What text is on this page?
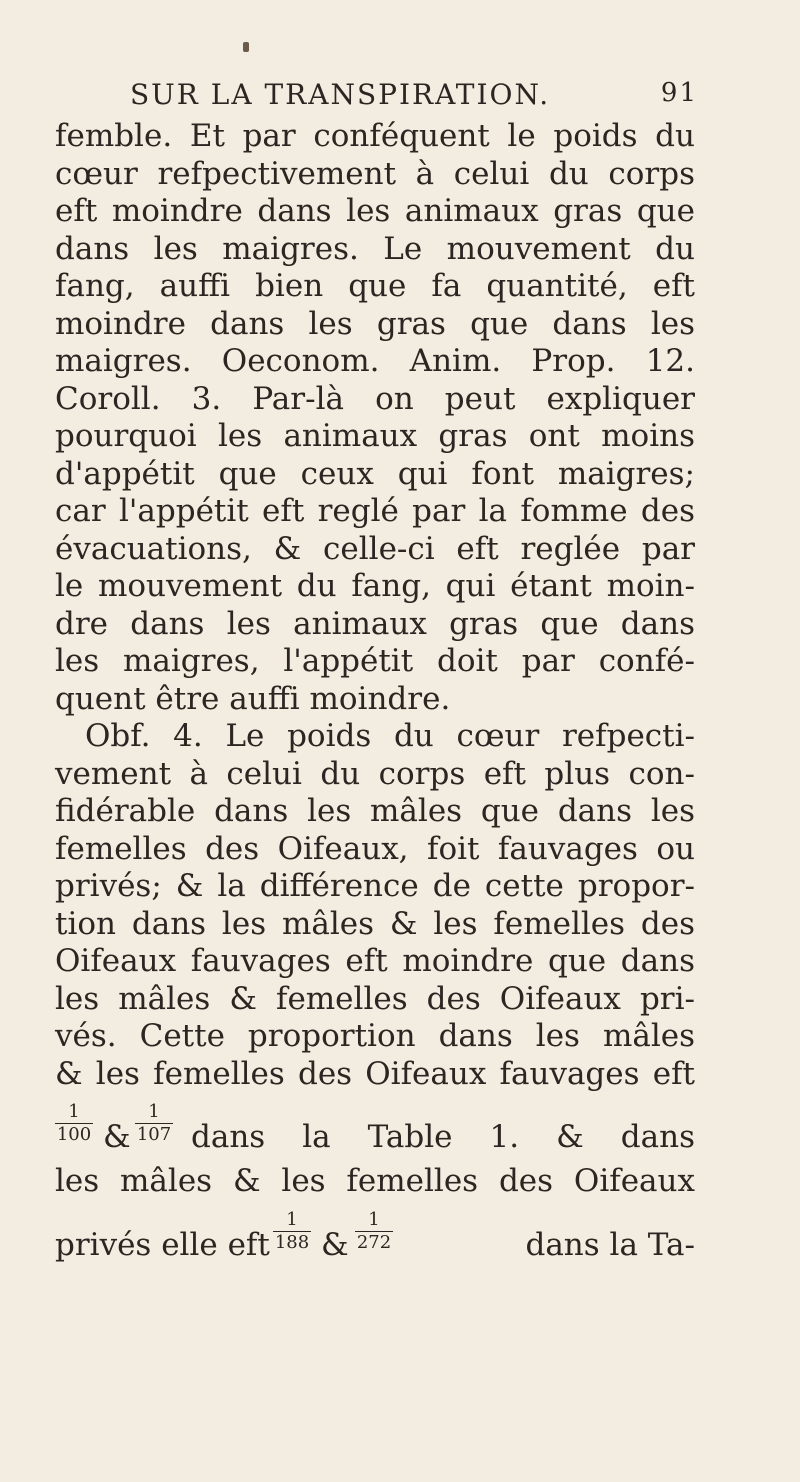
SUR LA TRANSPIRATION.	91
femble. Et par conféquent le poids du
cœur refpectivement à celui du corps
eft moindre dans les animaux gras que
dans les maigres. Le mouvement du
fang, auffi bien que fa quantité, eft
moindre dans les gras que dans les
maigres. Oeconom. Anim. Prop. 12.
Coroll. 3. Par-là on peut expliquer
pourquoi les animaux gras ont moins
d'appétit que ceux qui font maigres;
car l'appétit eft reglé par la fomme des
évacuations, & celle-ci eft reglée par
le mouvement du fang, qui étant moin-
dre dans les animaux gras que dans
les maigres, l'appétit doit par confé-
quent être auffi moindre.
Obf. 4. Le poids du cœur refpecti-
vement à celui du corps eft plus con-
fidérable dans les mâles que dans les
femelles des Oifeaux, foit fauvages ou
privés; & la différence de cette propor-
tion dans les mâles & les femelles des
Oifeaux fauvages eft moindre que dans
les mâles & femelles des Oifeaux pri-
vés. Cette proportion dans les mâles
& les femelles des Oifeaux fauvages eft
1
100 &
1
107 dans la Table 1. & dans
les mâles & les femelles des Oifeaux
privés elle eft
1
188 &
1
272	dans la Ta-
